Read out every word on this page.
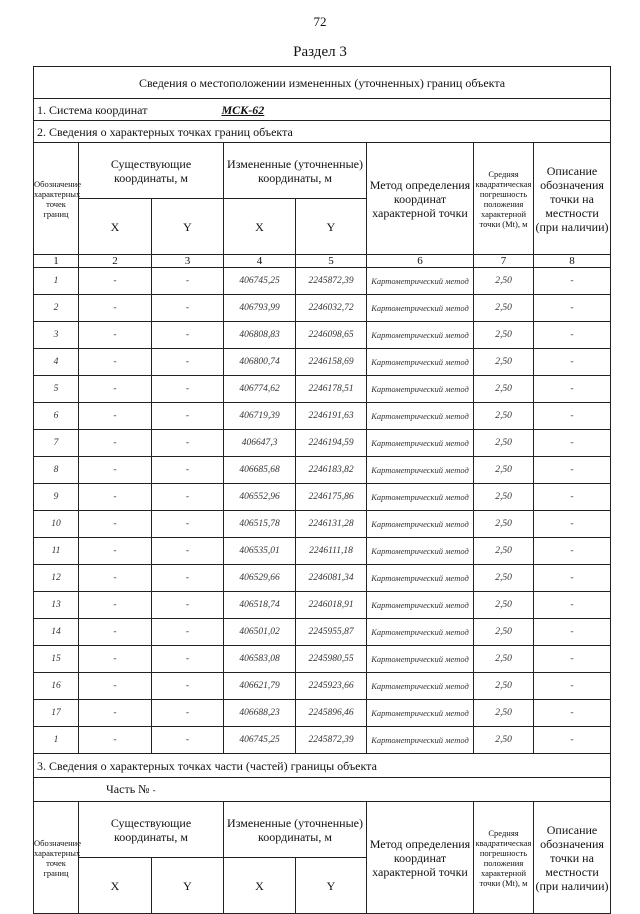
72
Раздел 3
Сведения о местоположении измененных (уточненных) границ объекта							
1. Система координат МСК-62							
2. Сведения о характерных точках границ объекта							
Обозначение характерных точек границ	Существующие координаты, м		Измененные (уточненные) координаты, м		Метод определения координат характерной точки	Средняя квадратическая погрешность положения характерной точки (Mt), м	Описание обозначения точки на местности (при наличии)
	X	Y	X	Y			
1	2	3	4	5	6	7	8
1	-	-	406745,25	2245872,39	Картометрический метод	2,50	-
2	-	-	406793,99	2246032,72	Картометрический метод	2,50	-
3	-	-	406808,83	2246098,65	Картометрический метод	2,50	-
4	-	-	406800,74	2246158,69	Картометрический метод	2,50	-
5	-	-	406774,62	2246178,51	Картометрический метод	2,50	-
6	-	-	406719,39	2246191,63	Картометрический метод	2,50	-
7	-	-	406647,3	2246194,59	Картометрический метод	2,50	-
8	-	-	406685,68	2246183,82	Картометрический метод	2,50	-
9	-	-	406552,96	2246175,86	Картометрический метод	2,50	-
10	-	-	406515,78	2246131,28	Картометрический метод	2,50	-
11	-	-	406535,01	2246111,18	Картометрический метод	2,50	-
12	-	-	406529,66	2246081,34	Картометрический метод	2,50	-
13	-	-	406518,74	2246018,91	Картометрический метод	2,50	-
14	-	-	406501,02	2245955,87	Картометрический метод	2,50	-
15	-	-	406583,08	2245980,55	Картометрический метод	2,50	-
16	-	-	406621,79	2245923,66	Картометрический метод	2,50	-
17	-	-	406688,23	2245896,46	Картометрический метод	2,50	-
1	-	-	406745,25	2245872,39	Картометрический метод	2,50	-
3. Сведения о характерных точках части (частей) границы объекта							
Часть № -							
Обозначение характерных точек границ	Существующие координаты, м		Измененные (уточненные) координаты, м		Метод определения координат характерной точки	Средняя квадратическая погрешность положения характерной точки (Mt), м	Описание обозначения точки на местности (при наличии)
	X	Y	X	Y			
